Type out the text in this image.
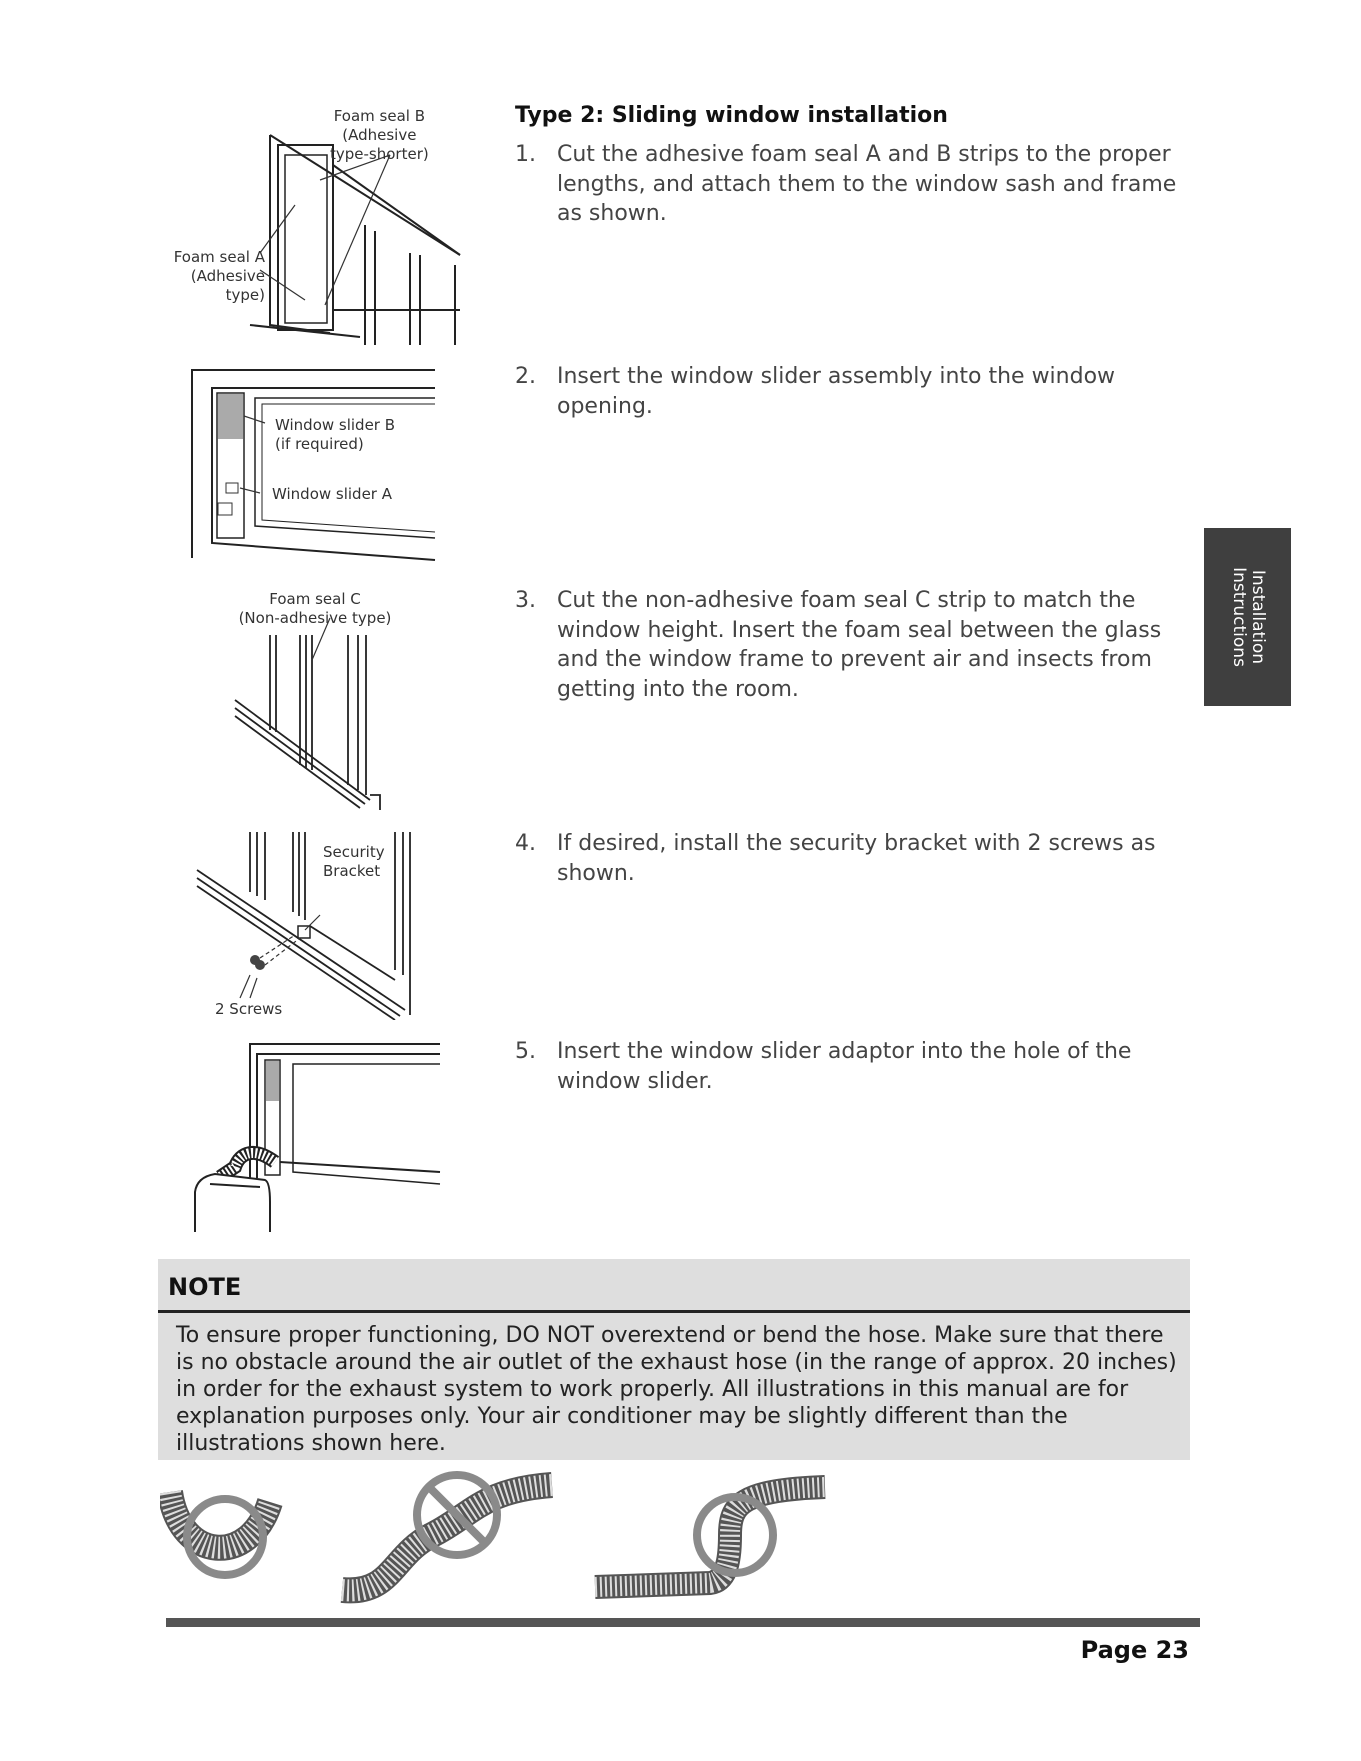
Type 2: Sliding window installation
1. Cut the adhesive foam seal A and B strips to the proper lengths, and attach them to the window sash and frame as shown.
2. Insert the window slider assembly into the window opening.
3. Cut the non-adhesive foam seal C strip to match the window height. Insert the foam seal between the glass and the window frame to prevent air and insects from getting into the room.
4. If desired, install the security bracket with 2 screws as shown.
5. Insert the window slider adaptor into the hole of the window slider.
Foam seal B
(Adhesive
type-shorter)
Foam seal A
(Adhesive
type)
Window slider B
(if required)
Window slider A
Foam seal C
(Non-adhesive type)
Security
Bracket
2 Screws
Installation
Instructions
NOTE
To ensure proper functioning, DO NOT overextend or bend the hose. Make sure that there is no obstacle around the air outlet of the exhaust hose (in the range of approx. 20 inches) in order for the exhaust system to work properly. All illustrations in this manual are for explanation purposes only. Your air conditioner may be slightly different than the illustrations shown here.
Page 23
